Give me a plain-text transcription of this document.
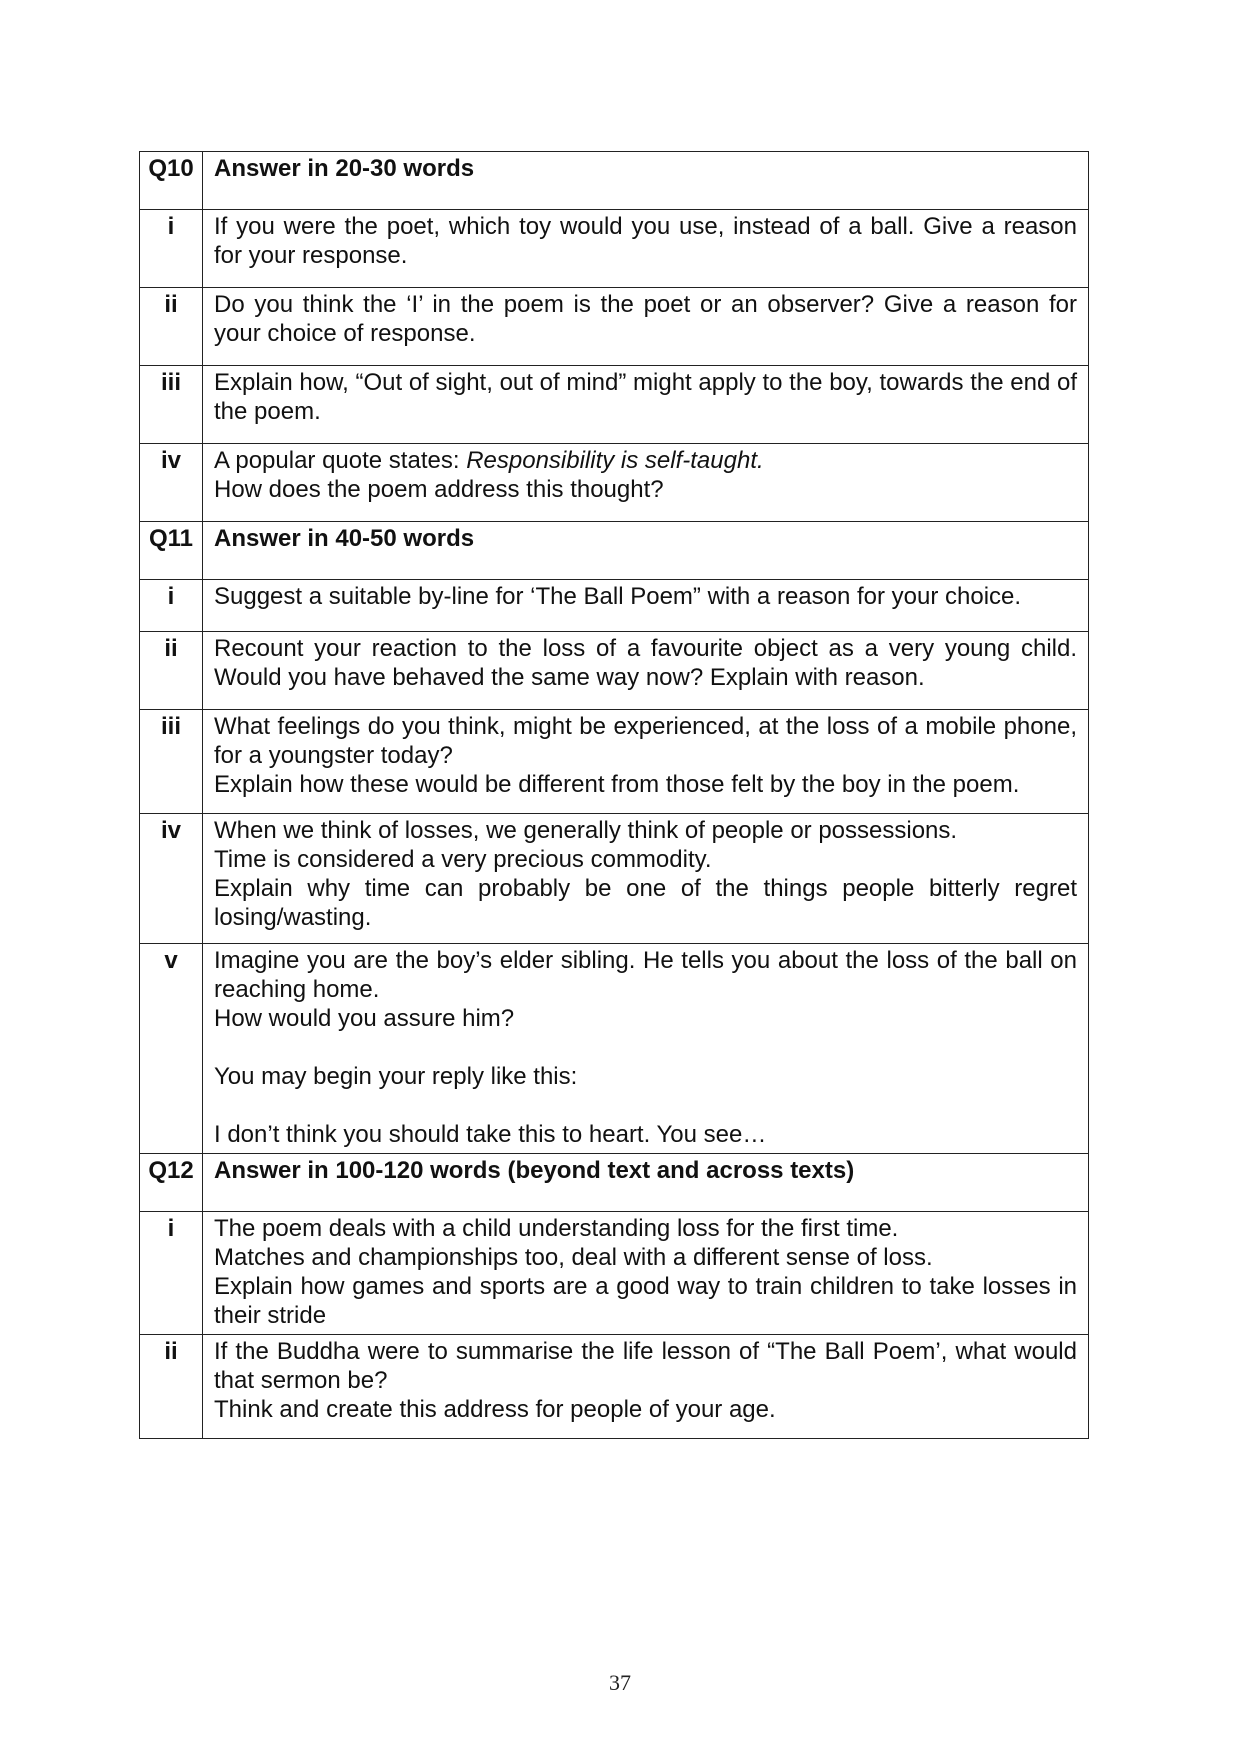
Q10	Answer in 20-30 words

i	If you were the poet, which toy would you use, instead of a ball. Give a reason for your response.

ii	Do you think the ‘I’ in the poem is the poet or an observer? Give a reason for your choice of response.

iii	Explain how, “Out of sight, out of mind” might apply to the boy, towards the end of the poem.

iv	A popular quote states: Responsibility is self-taught.
How does the poem address this thought?

Q11	Answer in 40-50 words

i	Suggest a suitable by-line for ‘The Ball Poem” with a reason for your choice.

ii	Recount your reaction to the loss of a favourite object as a very young child. Would you have behaved the same way now? Explain with reason.

iii	What feelings do you think, might be experienced, at the loss of a mobile phone, for a youngster today?
Explain how these would be different from those felt by the boy in the poem.

iv	When we think of losses, we generally think of people or possessions.
Time is considered a very precious commodity.
Explain why time can probably be one of the things people bitterly regret losing/wasting.

v	Imagine you are the boy’s elder sibling. He tells you about the loss of the ball on reaching home.
How would you assure him?
You may begin your reply like this:
I don’t think you should take this to heart. You see…

Q12	Answer in 100-120 words (beyond text and across texts)

i	The poem deals with a child understanding loss for the first time.
Matches and championships too, deal with a different sense of loss.
Explain how games and sports are a good way to train children to take losses in their stride

ii	If the Buddha were to summarise the life lesson of “The Ball Poem’, what would that sermon be?
Think and create this address for people of your age.
37
